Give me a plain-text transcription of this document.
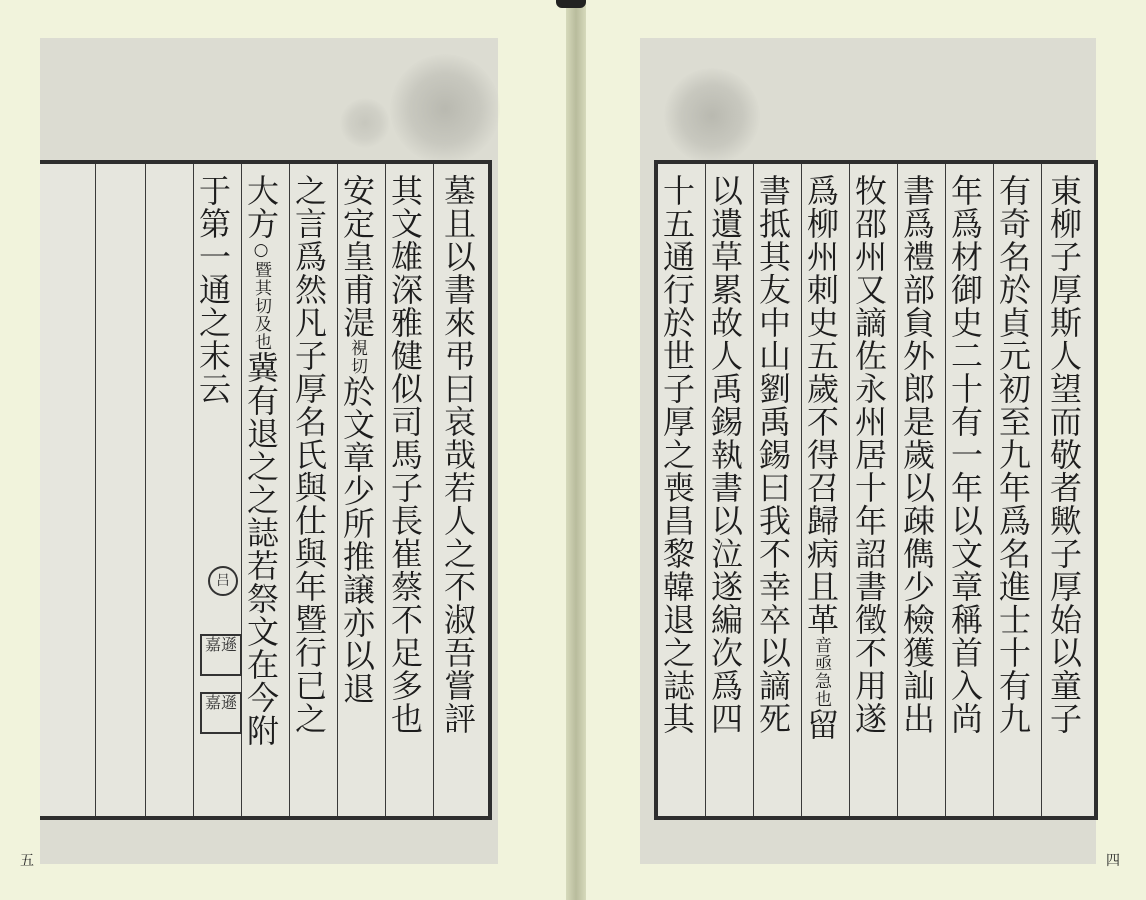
于第一通之末云 大方○暨其切及也冀有退之之誌若祭文在今附 之言爲然凡子厚名氏與仕與年暨行已之 安定皇甫湜視切於文章少所推譲亦以退 其文雄深雅健似司馬子長崔蔡不足多也 墓且以書來弔曰哀哉若人之不淑吾嘗評
吕
嘉遜
嘉遜
五
十五通行於世子厚之喪昌黎韓退之誌其 以遺草累故人禹錫執書以泣遂編次爲四 書抵其友中山劉禹錫曰我不幸卒以謫死 爲柳州刺史五歲不得召歸病且革音亟急也留 牧邵州又謫佐永州居十年詔書徵不用遂 書爲禮部貟外郎是歲以疎儁少檢獲訕出 年爲材御史二十有一年以文章稱首入尚 有奇名於貞元初至九年爲名進士十有九 東柳子厚斯人望而敬者歟子厚始以童子
四
